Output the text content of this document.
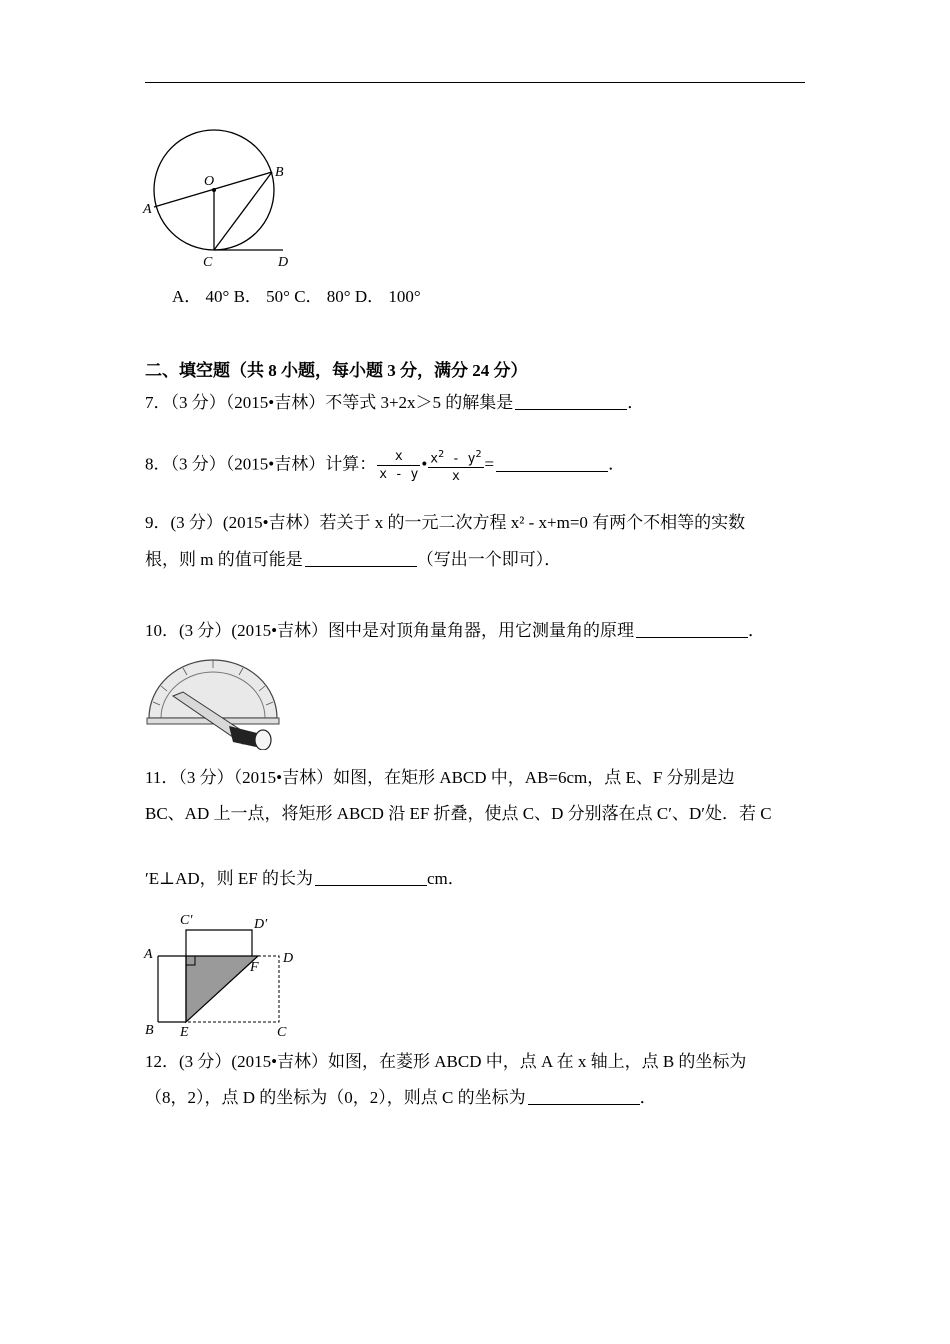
O
A
B
C	D
A． 40° B． 50° C． 80° D． 100°
二、填空题（共 8 小题，每小题 3 分，满分 24 分）
7．（3 分）（2015•吉林）不等式 3+2x＞5 的解集是	．
8．（3 分）（2015•吉林）计算： $\frac{x}{x - y}$ • $\frac{x^2 - y^2}{x}$ =	．
9．(3 分）(2015•吉林）若关于 x 的一元二次方程 x² - x+m=0 有两个不相等的实数
根，则 m 的值可能是	（写出一个即可）．
10．(3 分）(2015•吉林）图中是对顶角量角器，用它测量角的原理	．
11．（3 分）（2015•吉林）如图，在矩形 ABCD 中，AB=6cm，点 E、F 分别是边
BC、AD 上一点，将矩形 ABCD 沿 EF 折叠，使点 C、D 分别落在点 C′、D′处．若 C
′E⊥AD，则 EF 的长为	cm．
A
B	C
D
E
F
C′	D′
12．(3 分）(2015•吉林）如图，在菱形 ABCD 中，点 A 在 x 轴上，点 B 的坐标为
（8，2），点 D 的坐标为（0，2），则点 C 的坐标为	．
